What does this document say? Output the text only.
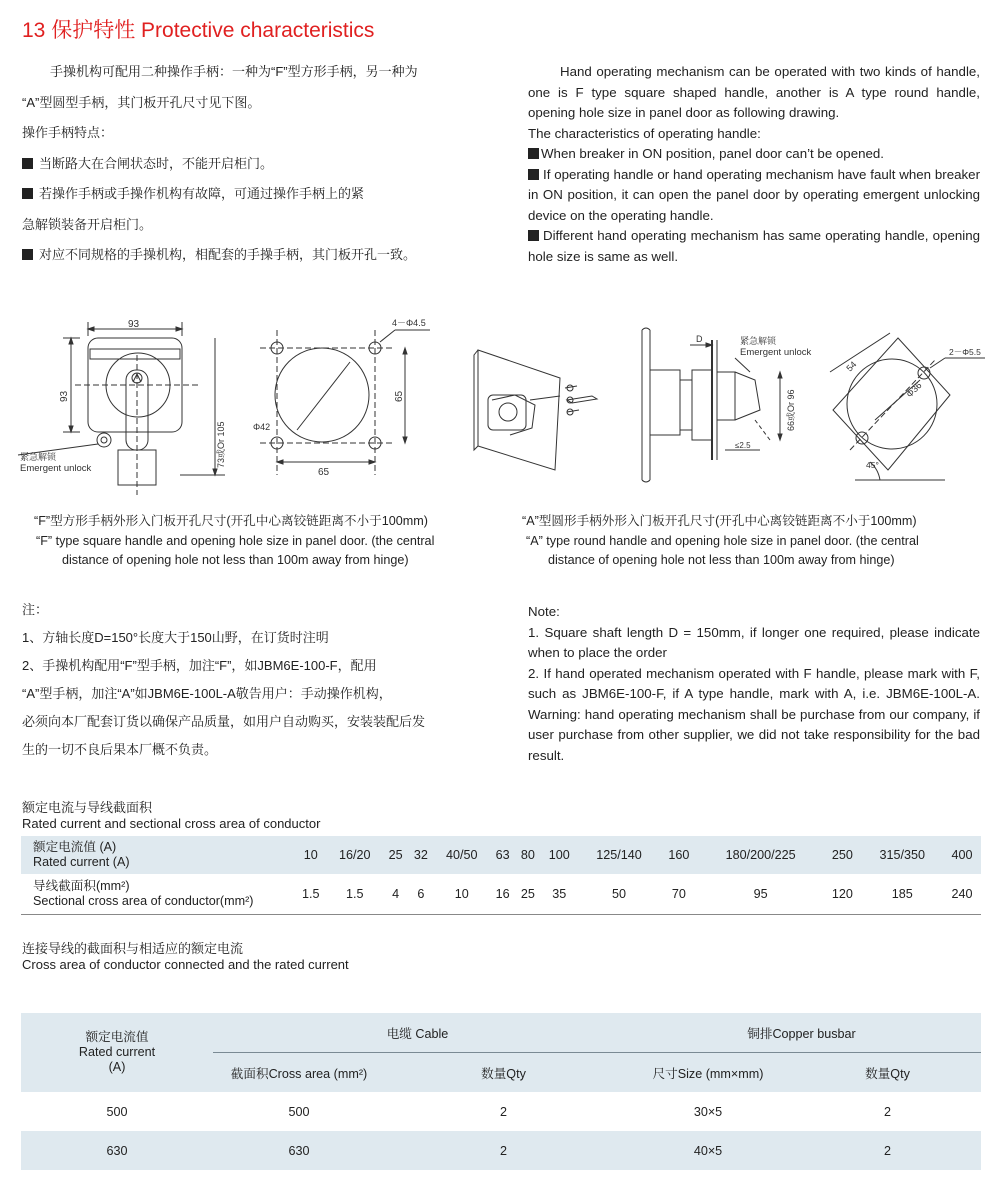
13 保护特性 Protective characteristics

手操机构可配用二种操作手柄：一种为“F”型方形手柄，另一种为

“A”型圆型手柄，其门板开孔尺寸见下图。

操作手柄特点：

当断路大在合闸状态时，不能开启柜门。

若操作手柄或手操作机构有故障，可通过操作手柄上的紧

急解锁装备开启柜门。

对应不同规格的手操机构，相配套的手操手柄，其门板开孔一致。

Hand operating mechanism can be operated with two kinds of handle, one is F type square shaped handle, another is A type round handle, opening hole size in panel door as following drawing.

The characteristics of operating handle:

When breaker in ON position, panel door can’t be opened.

If operating handle or hand operating mechanism have fault when breaker in ON position, it can open the panel door by operating emergent unlocking device on the operating handle.

Different hand operating mechanism has same operating handle, opening hole size is same as well.

93
93
73或Or 105
紧急解锁
Emergent unlock	65
65
Φ42
4－Φ4.5
D
66或Or 96
≤2.5
紧急解锁
Emergent unlock
54
Φ36
2－Φ5.5
45°
“F”型方形手柄外形入门板开孔尺寸(开孔中心离铰链距离不小于100mm)
“F” type square handle and opening hole size in panel door. (the central
distance of opening hole not less than 100m away from hinge)
“A”型圆形手柄外形入门板开孔尺寸(开孔中心离铰链距离不小于100mm)
“A” type round handle and opening hole size in panel door. (the central
distance of opening hole not less than 100m away from hinge)

注：

1、方轴长度D=150°长度大于150山野，在订货时注明

2、手操机构配用“F”型手柄，加注“F”，如JBM6E-100-F，配用

“A”型手柄，加注“A”如JBM6E-100L-A敬告用户：手动操作机构，

必须向本厂配套订货以确保产品质量，如用户自动购买，安装装配后发

生的一切不良后果本厂概不负责。

Note:

1. Square shaft length D = 150mm, if longer one required, please indicate when to place the order

2. If hand operated mechanism operated with F handle, please mark with F, such as JBM6E-100-F, if A type handle, mark with A, i.e. JBM6E-100L-A. Warning: hand operating mechanism shall be purchase from our company, if user purchase from other supplier, we did not take responsibility for the bad result.

额定电流与导线截面积
Rated current and sectional cross area of conductor
额定电流值 (A)
Rated current (A)	10	16/20	25	32	40/50	63	80	100	125/140	160	180/200/225	250	315/350	400

导线截面积(mm²)
Sectional cross area of conductor(mm²)	1.5	1.5	4	6	10	16	25	35	50	70	95	120	185	240
连接导线的截面积与相适应的额定电流
Cross area of conductor connected and the rated current
额定电流值
Rated current
(A)	电缆 Cable		铜排Copper busbar	
	截面积Cross area (mm²)	数量Qty	尺寸Size (mm×mm)	数量Qty
500	500	2	30×5	2
630	630	2	40×5	2
